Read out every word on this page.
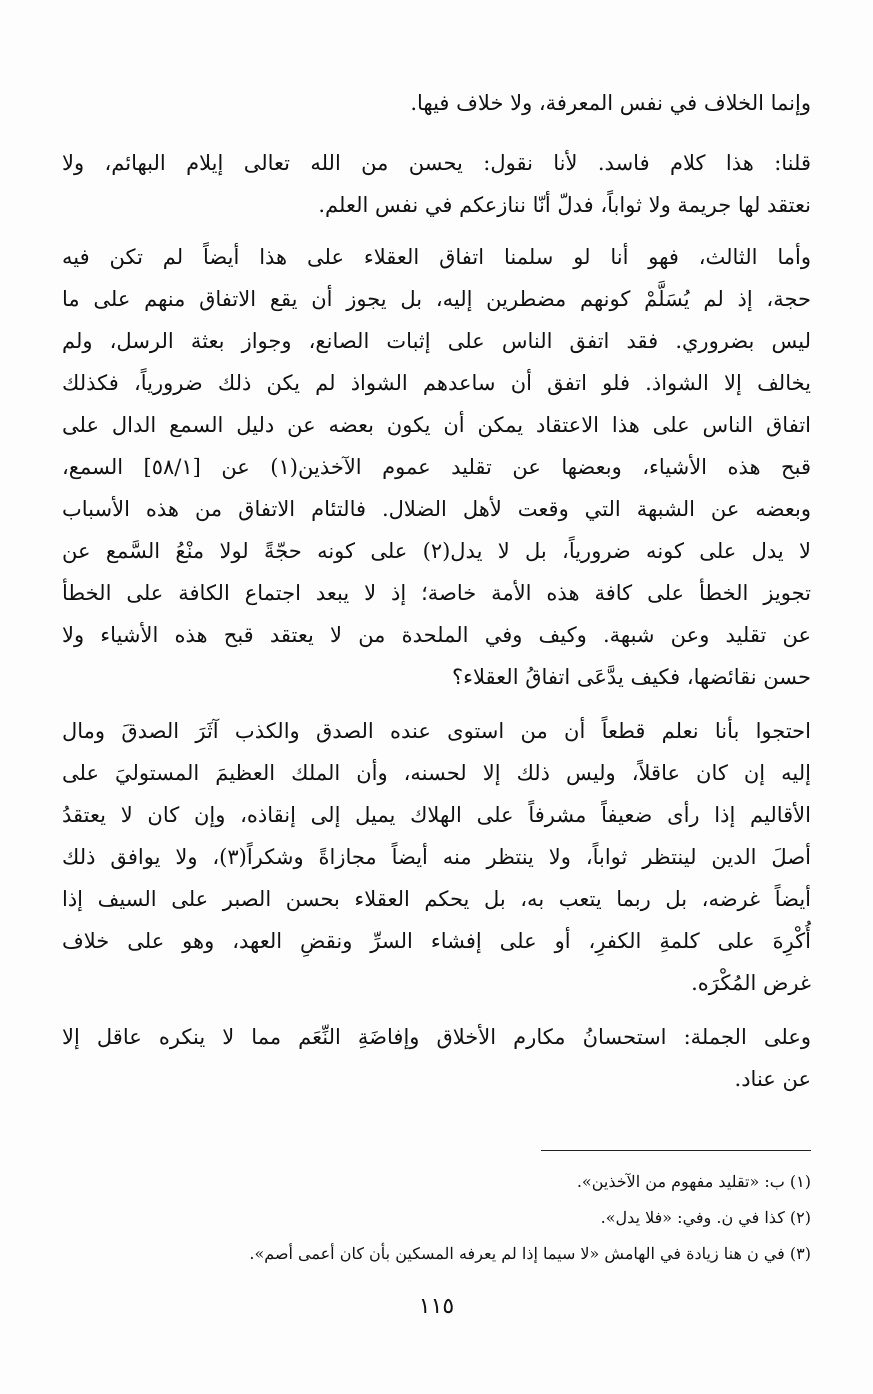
وإنما الخلاف في نفس المعرفة، ولا خلاف فيها.
قلنا: هذا كلام فاسد. لأنا نقول: يحسن من الله تعالى إيلام البهائم، ولا
نعتقد لها جريمة ولا ثواباً، فدلّ أنّا ننازعكم في نفس العلم.
وأما الثالث، فهو أنا لو سلمنا اتفاق العقلاء على هذا أيضاً لم تكن فيه
حجة، إذ لم يُسَلَّمْ كونهم مضطرين إليه، بل يجوز أن يقع الاتفاق منهم على ما
ليس بضروري. فقد اتفق الناس على إثبات الصانع، وجواز بعثة الرسل، ولم
يخالف إلا الشواذ. فلو اتفق أن ساعدهم الشواذ لم يكن ذلك ضرورياً، فكذلك
اتفاق الناس على هذا الاعتقاد يمكن أن يكون بعضه عن دليل السمع الدال على
قبح هذه الأشياء، وبعضها عن تقليد عموم الآخذين(١) عن [٥٨/١] السمع،
وبعضه عن الشبهة التي وقعت لأهل الضلال. فالتئام الاتفاق من هذه الأسباب
لا يدل على كونه ضرورياً، بل لا يدل(٢) على كونه حجّةً لولا منْعُ السَّمع عن
تجويز الخطأ على كافة هذه الأمة خاصة؛ إذ لا يبعد اجتماع الكافة على الخطأ
عن تقليد وعن شبهة. وكيف وفي الملحدة من لا يعتقد قبح هذه الأشياء ولا
حسن نقائضها، فكيف يدَّعَى اتفاقُ العقلاء؟
احتجوا بأنا نعلم قطعاً أن من استوى عنده الصدق والكذب آثَرَ الصدقَ ومال
إليه إن كان عاقلاً، وليس ذلك إلا لحسنه، وأن الملك العظيمَ المستوليَ على
الأقاليم إذا رأى ضعيفاً مشرفاً على الهلاك يميل إلى إنقاذه، وإن كان لا يعتقدُ
أصلَ الدين لينتظر ثواباً، ولا ينتظر منه أيضاً مجازاةً وشكراً(٣)، ولا يوافق ذلك
أيضاً غرضه، بل ربما يتعب به، بل يحكم العقلاء بحسن الصبر على السيف إذا
أُكْرِهَ على كلمةِ الكفرِ، أو على إفشاء السرِّ ونقضِ العهد، وهو على خلاف
غرض المُكْرَه.
وعلى الجملة: استحسانُ مكارم الأخلاق وإفاضَةِ النِّعَم مما لا ينكره عاقل إلا
عن عناد.
(١) ب: «تقليد مفهوم من الآخذين».
(٢) كذا في ن. وفي: «فلا يدل».
(٣) في ن هنا زيادة في الهامش «لا سيما إذا لم يعرفه المسكين بأن كان أعمى أصم».
١١٥
